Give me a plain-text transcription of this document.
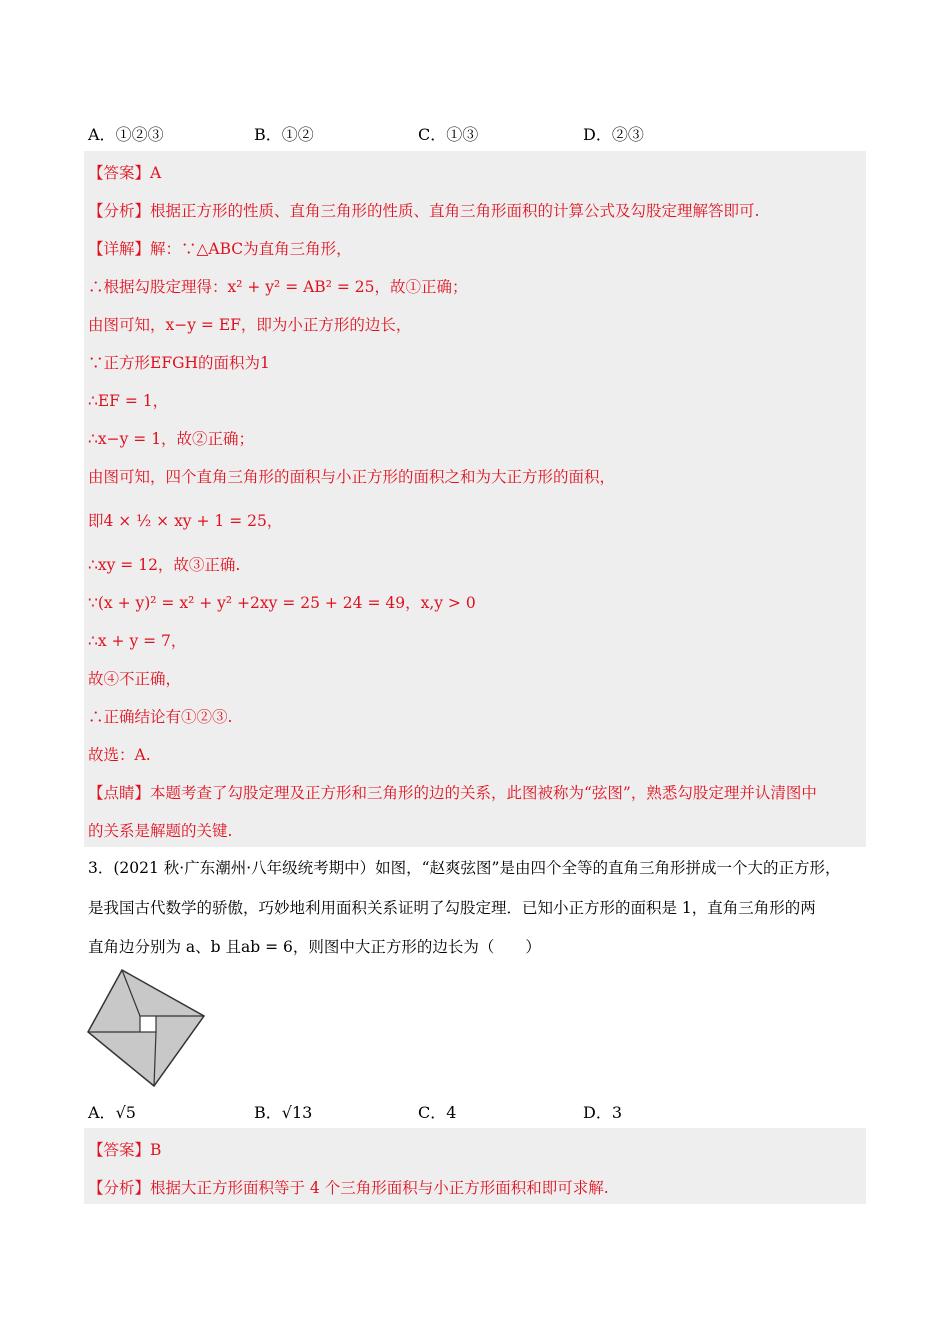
A．①②③	B．①②	C．①③	D．②③
【答案】A
【分析】根据正方形的性质、直角三角形的性质、直角三角形面积的计算公式及勾股定理解答即可.
【详解】解：∵△ABC为直角三角形，
∴根据勾股定理得：x² + y² = AB² = 25，故①正确；
由图可知，x−y = EF，即为小正方形的边长，
∵正方形EFGH的面积为1
∴EF = 1，
∴x−y = 1，故②正确；
由图可知，四个直角三角形的面积与小正方形的面积之和为大正方形的面积，
即4 × ½ × xy + 1 = 25，
∴xy = 12，故③正确.
∵(x + y)² = x² + y² +2xy = 25 + 24 = 49，x,y > 0
∴x + y = 7，
故④不正确，
∴正确结论有①②③.
故选：A.
【点睛】本题考查了勾股定理及正方形和三角形的边的关系，此图被称为“弦图”，熟悉勾股定理并认清图中
的关系是解题的关键.
3．(2021 秋·广东潮州·八年级统考期中）如图，“赵爽弦图”是由四个全等的直角三角形拼成一个大的正方形，
是我国古代数学的骄傲，巧妙地利用面积关系证明了勾股定理．已知小正方形的面积是 1，直角三角形的两
直角边分别为 a、b 且ab = 6，则图中大正方形的边长为（　　）
A．√5	B．√13	C．4	D．3
【答案】B
【分析】根据大正方形面积等于 4 个三角形面积与小正方形面积和即可求解.
